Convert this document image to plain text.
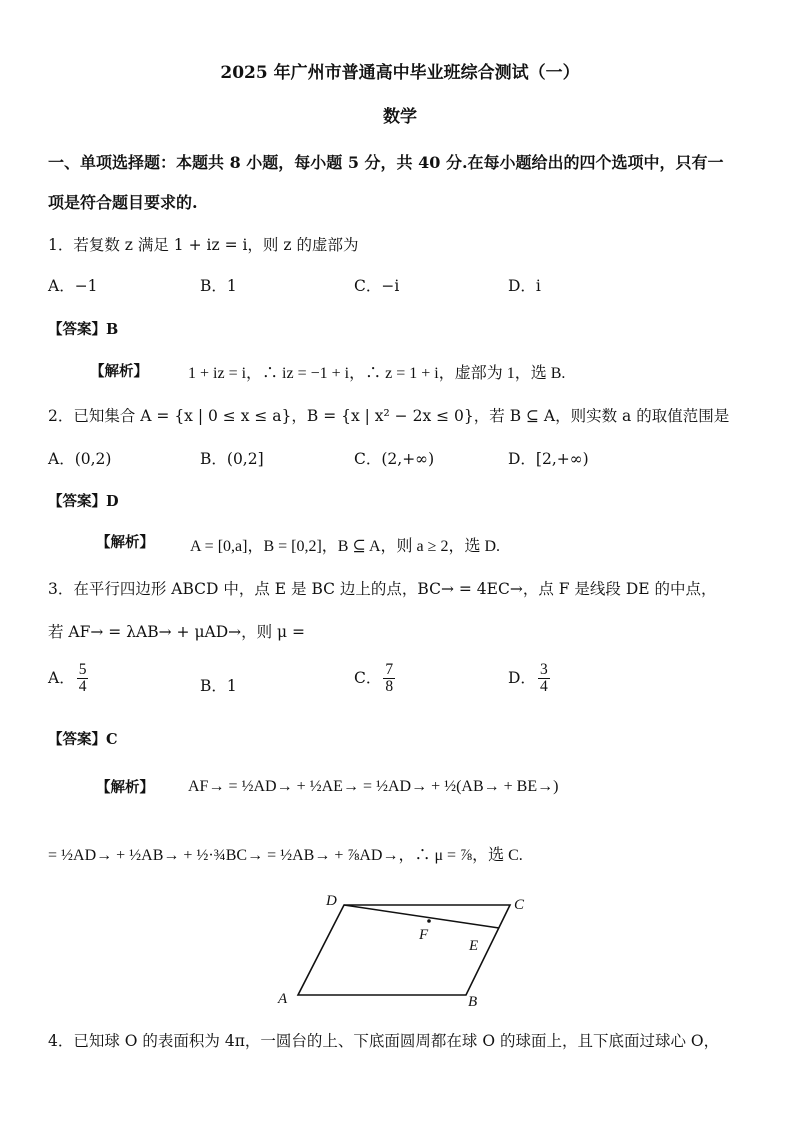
2025 年广州市普通高中毕业班综合测试（一）
数学
一、单项选择题：本题共 8 小题，每小题 5 分，共 40 分.在每小题给出的四个选项中，只有一
项是符合题目要求的.
1．若复数 z 满足 1 + iz = i，则 z 的虚部为
A．−1	B．1	C．−i	D．i
【答案】B
【解析】	1 + iz = i，∴ iz = −1 + i，∴ z = 1 + i，虚部为 1，选 B.
2．已知集合 A = {x | 0 ≤ x ≤ a}，B = {x | x² − 2x ≤ 0}，若 B ⊆ A，则实数 a 的取值范围是
A．(0,2)	B．(0,2]	C．(2,+∞)	D．[2,+∞)
【答案】D
【解析】 A = [0,a]，B = [0,2]，B ⊆ A，则 a ≥ 2，选 D.
3．在平行四边形 ABCD 中，点 E 是 BC 边上的点，BC→ = 4EC→，点 F 是线段 DE 的中点，
若 AF→ = λAB→ + μAD→，则 μ =
A． $\frac{5}{4}$	B．1	C． $\frac{7}{8}$	D． $\frac{3}{4}$
【答案】C
【解析】 AF→ = ½AD→ + ½AE→ = ½AD→ + ½(AB→ + BE→)
= ½AD→ + ½AB→ + ½·¾BC→ = ½AB→ + ⅞AD→，∴ μ = ⅞，选 C.
A	B
C
D
E
F
4．已知球 O 的表面积为 4π，一圆台的上、下底面圆周都在球 O 的球面上，且下底面过球心 O，
